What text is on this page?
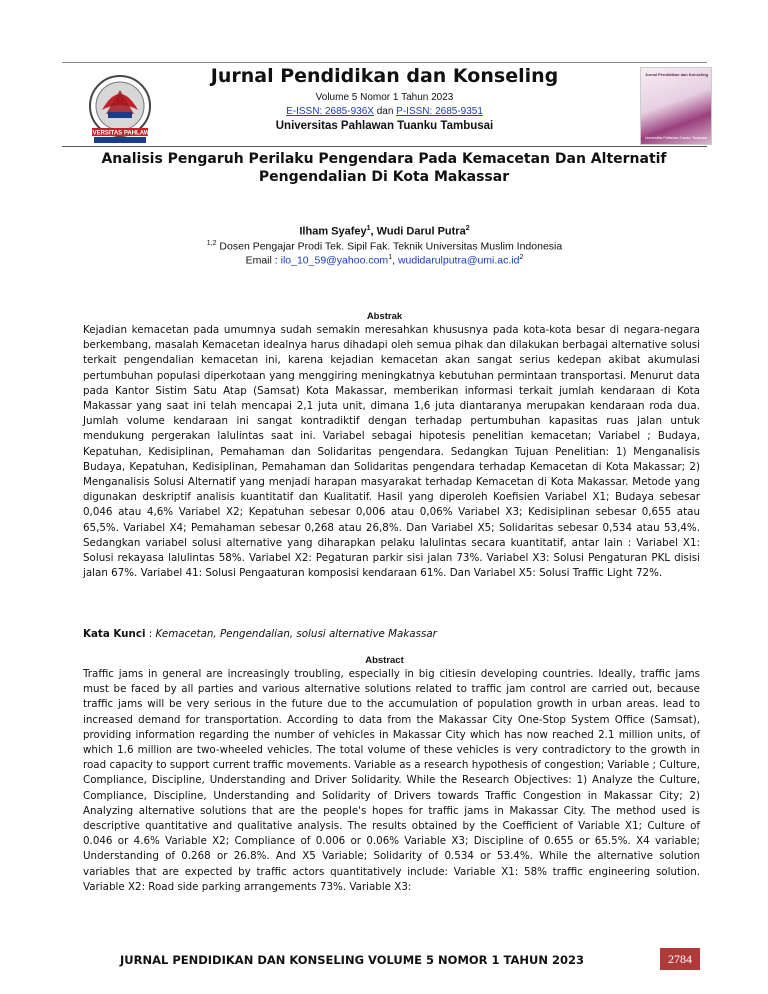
UNIVERSITAS PAHLAWAN
Jurnal Pendidikan dan Konseling
Volume 5 Nomor 1 Tahun 2023
E-ISSN: 2685-936X dan P-ISSN: 2685-9351
Universitas Pahlawan Tuanku Tambusai
Jurnal Pendidikan dan Konseling
Universitas Pahlawan Tuanku Tambusai
Analisis Pengaruh Perilaku Pengendara Pada Kemacetan Dan Alternatif
Pengendalian Di Kota Makassar
Ilham Syafey$^1$, Wudi Darul Putra$^2$
$^{1,2}$ Dosen Pengajar Prodi Tek. Sipil Fak. Teknik Universitas Muslim Indonesia
Email : ilo_10_59@yahoo.com$^1$, $wudidarulputra@umi.ac.id^2$
Abstrak
Kejadian kemacetan pada umumnya sudah semakin meresahkan khususnya pada kota-kota besar di negara-negara berkembang, masalah Kemacetan idealnya harus dihadapi oleh semua pihak dan dilakukan berbagai alternative solusi terkait pengendalian kemacetan ini, karena kejadian kemacetan akan sangat serius kedepan akibat akumulasi pertumbuhan populasi diperkotaan yang menggiring meningkatnya kebutuhan permintaan transportasi. Menurut data pada Kantor Sistim Satu Atap (Samsat) Kota Makassar, memberikan informasi terkait jumlah kendaraan di Kota Makassar yang saat ini telah mencapai 2,1 juta unit, dimana 1,6 juta diantaranya merupakan kendaraan roda dua. Jumlah volume kendaraan ini sangat kontradiktif dengan terhadap pertumbuhan kapasitas ruas jalan untuk mendukung pergerakan lalulintas saat ini. Variabel sebagai hipotesis penelitian kemacetan; Variabel ; Budaya, Kepatuhan, Kedisiplinan, Pemahaman dan Solidaritas pengendara. Sedangkan Tujuan Penelitian: 1) Menganalisis Budaya, Kepatuhan, Kedisiplinan, Pemahaman dan Solidaritas pengendara terhadap Kemacetan di Kota Makassar; 2) Menganalisis Solusi Alternatif yang menjadi harapan masyarakat terhadap Kemacetan di Kota Makassar. Metode yang digunakan deskriptif analisis kuantitatif dan Kualitatif. Hasil yang diperoleh Koefisien Variabel X1; Budaya sebesar 0,046 atau 4,6% Variabel X2; Kepatuhan sebesar 0,006 atau 0,06% Variabel X3; Kedisiplinan sebesar 0,655 atau 65,5%. Variabel X4; Pemahaman sebesar 0,268 atau 26,8%. Dan Variabel X5; Solidaritas sebesar 0,534 atau 53,4%. Sedangkan variabel solusi alternative yang diharapkan pelaku lalulintas secara kuantitatif, antar lain : Variabel X1: Solusi rekayasa lalulintas 58%. Variabel X2: Pegaturan parkir sisi jalan 73%. Variabel X3: Solusi Pengaturan PKL disisi jalan 67%. Variabel 41: Solusi Pengaaturan komposisi kendaraan 61%. Dan Variabel X5: Solusi Traffic Light 72%.
Kata Kunci : Kemacetan, Pengendalian, solusi alternative Makassar
Abstract
Traffic jams in general are increasingly troubling, especially in big citiesin developing countries. Ideally, traffic jams must be faced by all parties and various alternative solutions related to traffic jam control are carried out, because traffic jams will be very serious in the future due to the accumulation of population growth in urban areas. lead to increased demand for transportation. According to data from the Makassar City One-Stop System Office (Samsat), providing information regarding the number of vehicles in Makassar City which has now reached 2.1 million units, of which 1.6 million are two-wheeled vehicles. The total volume of these vehicles is very contradictory to the growth in road capacity to support current traffic movements. Variable as a research hypothesis of congestion; Variable ; Culture, Compliance, Discipline, Understanding and Driver Solidarity. While the Research Objectives: 1) Analyze the Culture, Compliance, Discipline, Understanding and Solidarity of Drivers towards Traffic Congestion in Makassar City; 2) Analyzing alternative solutions that are the people's hopes for traffic jams in Makassar City. The method used is descriptive quantitative and qualitative analysis. The results obtained by the Coefficient of Variable X1; Culture of 0.046 or 4.6% Variable X2; Compliance of 0.006 or 0.06% Variable X3; Discipline of 0.655 or 65.5%. X4 variable; Understanding of 0.268 or 26.8%. And X5 Variable; Solidarity of 0.534 or 53.4%. While the alternative solution variables that are expected by traffic actors quantitatively include: Variable X1: 58% traffic engineering solution. Variable X2: Road side parking arrangements 73%. Variable X3:
JURNAL PENDIDIKAN DAN KONSELING VOLUME 5 NOMOR 1 TAHUN 2023	2784
